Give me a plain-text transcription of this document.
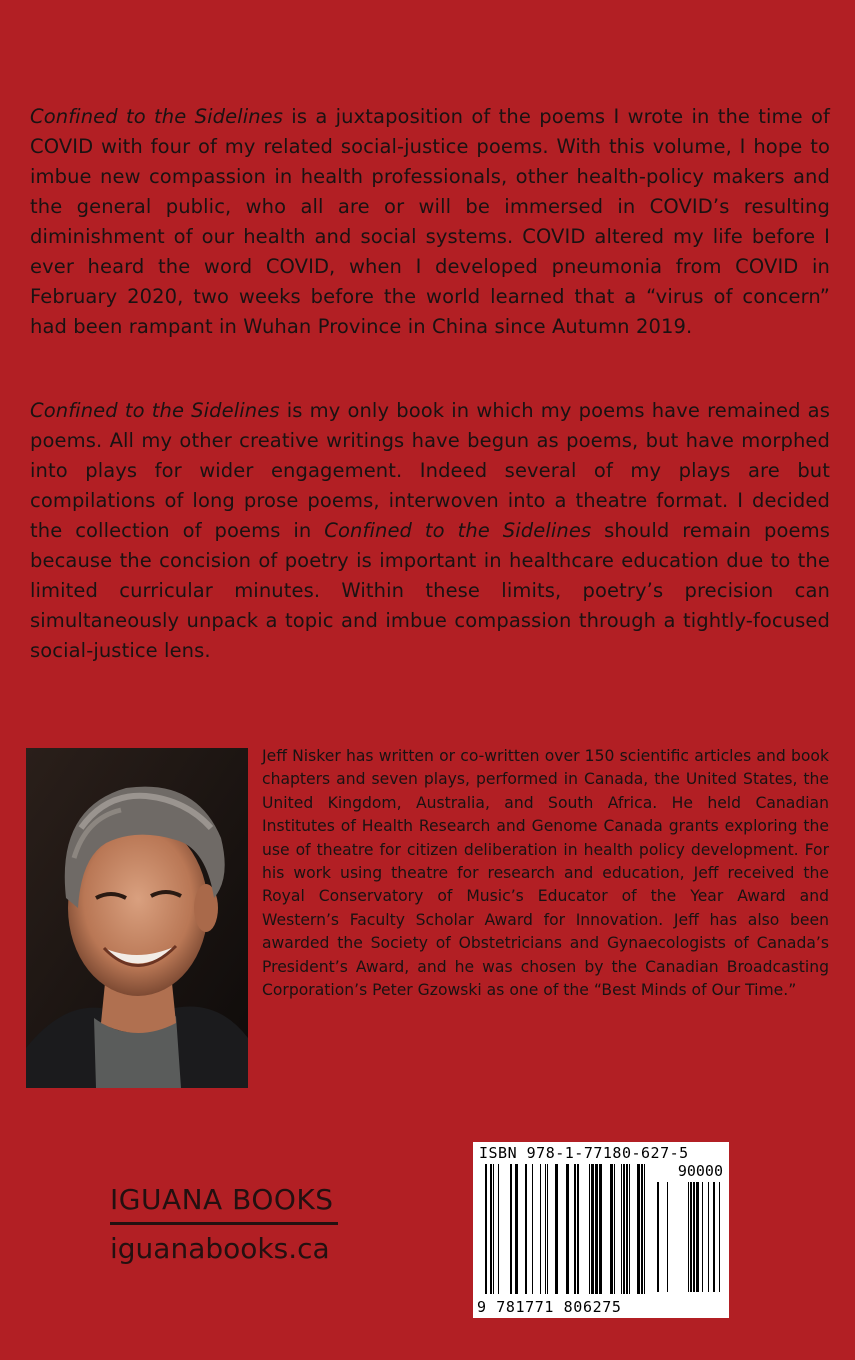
Confined to the Sidelines is a juxtaposition of the poems I wrote in the time of COVID with four of my related social-justice poems. With this volume, I hope to imbue new compassion in health professionals, other health-policy makers and the general public, who all are or will be immersed in COVID’s resulting diminishment of our health and social systems. COVID altered my life before I ever heard the word COVID, when I developed pneumonia from COVID in February 2020, two weeks before the world learned that a “virus of concern” had been rampant in Wuhan Province in China since Autumn 2019.

Confined to the Sidelines is my only book in which my poems have remained as poems. All my other creative writings have begun as poems, but have morphed into plays for wider engagement. Indeed several of my plays are but compilations of long prose poems, interwoven into a theatre format. I decided the collection of poems in Confined to the Sidelines should remain poems because the concision of poetry is important in healthcare education due to the limited curricular minutes. Within these limits, poetry’s precision can simultaneously unpack a topic and imbue compassion through a tightly-focused social-justice lens.

Jeff Nisker has written or co-written over 150 scientific articles and book chapters and seven plays, performed in Canada, the United States, the United Kingdom, Australia, and South Africa. He held Canadian Institutes of Health Research and Genome Canada grants exploring the use of theatre for citizen deliberation in health policy development. For his work using theatre for research and education, Jeff received the Royal Conservatory of Music’s Educator of the Year Award and Western’s Faculty Scholar Award for Innovation. Jeff has also been awarded the Society of Obstetricians and Gynaecologists of Canada’s President’s Award, and he was chosen by the Canadian Broadcasting Corporation’s Peter Gzowski as one of the “Best Minds of Our Time.”

IGUANA BOOKS
iguanabooks.ca
ISBN 978-1-77180-627-5
90000
9 781771 806275
